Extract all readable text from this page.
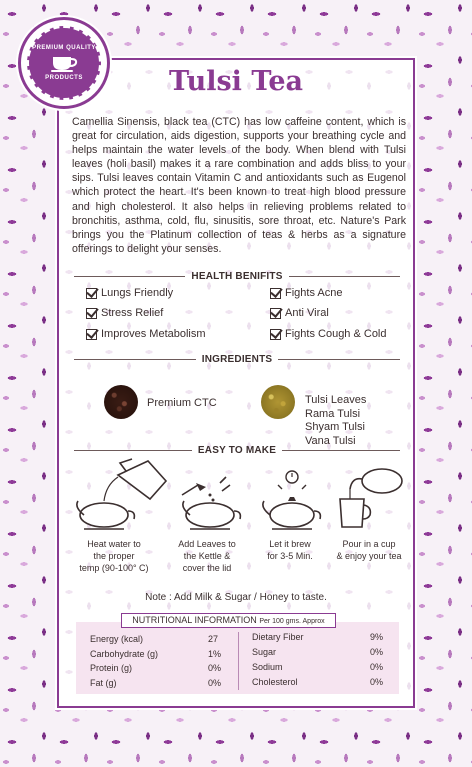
PREMIUM QUALITY
PRODUCTS	Tulsi Tea

Camellia Sinensis, black tea (CTC) has low caffeine content, which is great for circulation, aids digestion, supports your breathing cycle and helps maintain the water levels of the body. When blend with Tulsi leaves (holi basil) makes it a rare combination and adds bliss to your sips. Tulsi leaves contain Vitamin C and antioxidants such as Eugenol which protect the heart. It's been known to treat high blood pressure and high cholesterol. It also helps in relieving problems related to bronchitis, asthma, cold, flu, sinusitis, sore throat, etc. Nature's Park brings you the Platinum collection of teas & herbs as a signature offerings to delight your senses.

HEALTH BENIFITS
Lungs Friendly	Fights Acne
Stress Relief	Anti Viral
Improves Metabolism	Fights Cough & Cold
INGREDIENTS
Premium CTC	Tulsi Leaves
Rama Tulsi
Shyam Tulsi
Vana Tulsi
EASY TO MAKE
Heat water to
the proper
temp (90-100° C)
Add Leaves to
the Kettle &
cover the lid
Let it brew
for 3-5 Min.
Pour in a cup
& enjoy your tea
Note : Add Milk & Sugar / Honey to taste.
NUTRITIONAL INFORMATION Per 100 gms. Approx
Energy (kcal)	27
Carbohydrate (g)	1%
Protein (g)	0%
Fat (g)	0%
Dietary Fiber	9%
Sugar	0%
Sodium	0%
Cholesterol	0%
